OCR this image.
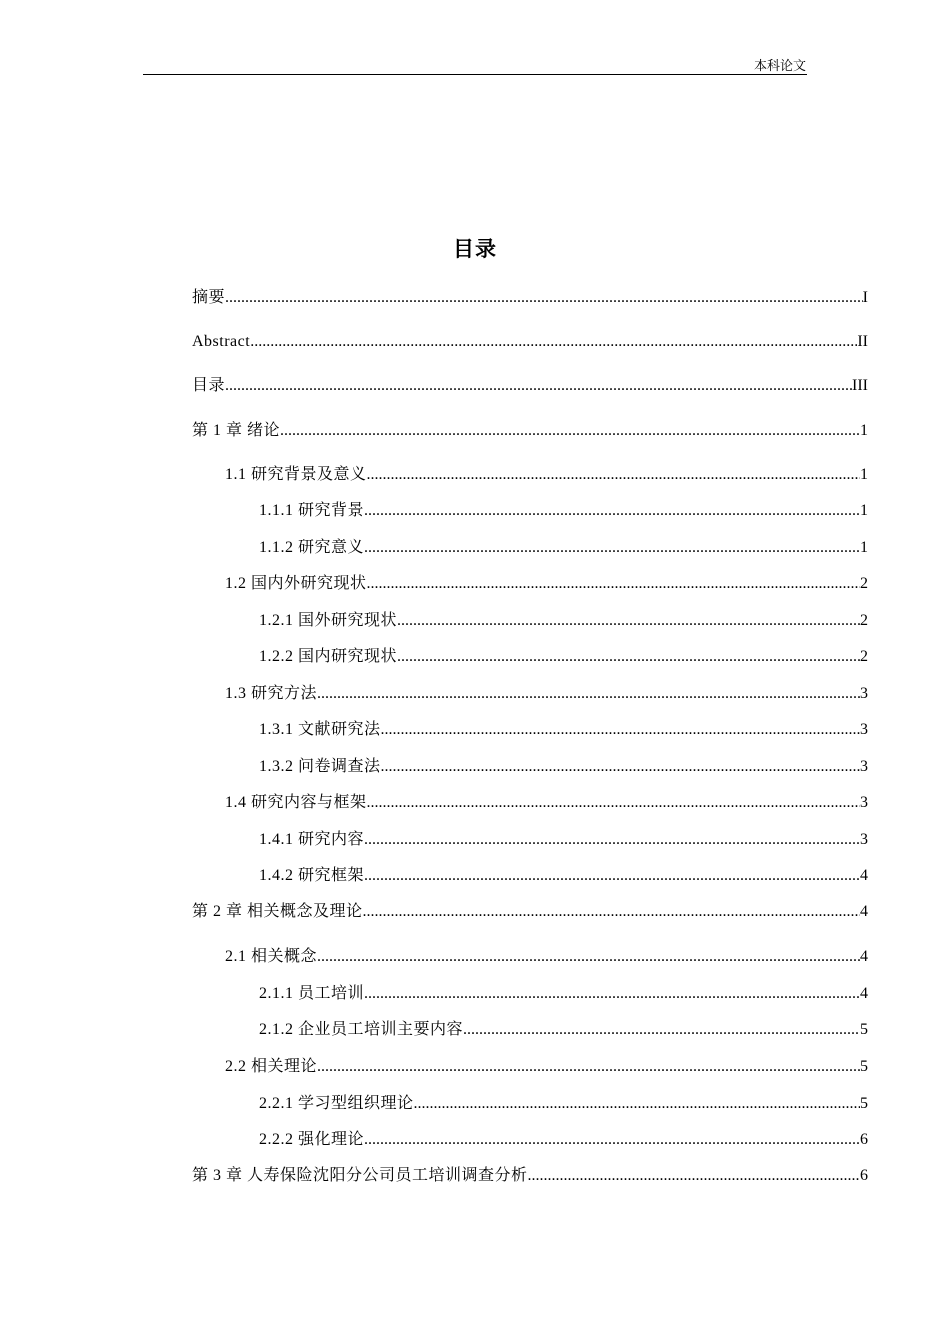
本科论文
目录
摘要 .....	I
Abstract .....	II
目录 .....	III
第 1 章 绪论 .....	1
1.1 研究背景及意义 .....	1
1.1.1 研究背景 .....	1
1.1.2 研究意义 .....	1
1.2 国内外研究现状 .....	2
1.2.1 国外研究现状 .....	2
1.2.2 国内研究现状 .....	2
1.3 研究方法 .....	3
1.3.1 文献研究法 .....	3
1.3.2 问卷调查法 .....	3
1.4 研究内容与框架 .....	3
1.4.1 研究内容 .....	3
1.4.2 研究框架 .....	4
第 2 章 相关概念及理论 .....	4
2.1 相关概念 .....	4
2.1.1 员工培训 .....	4
2.1.2 企业员工培训主要内容 .....	5
2.2 相关理论 .....	5
2.2.1 学习型组织理论 .....	5
2.2.2 强化理论 .....	6
第 3 章 人寿保险沈阳分公司员工培训调查分析 .....	6
